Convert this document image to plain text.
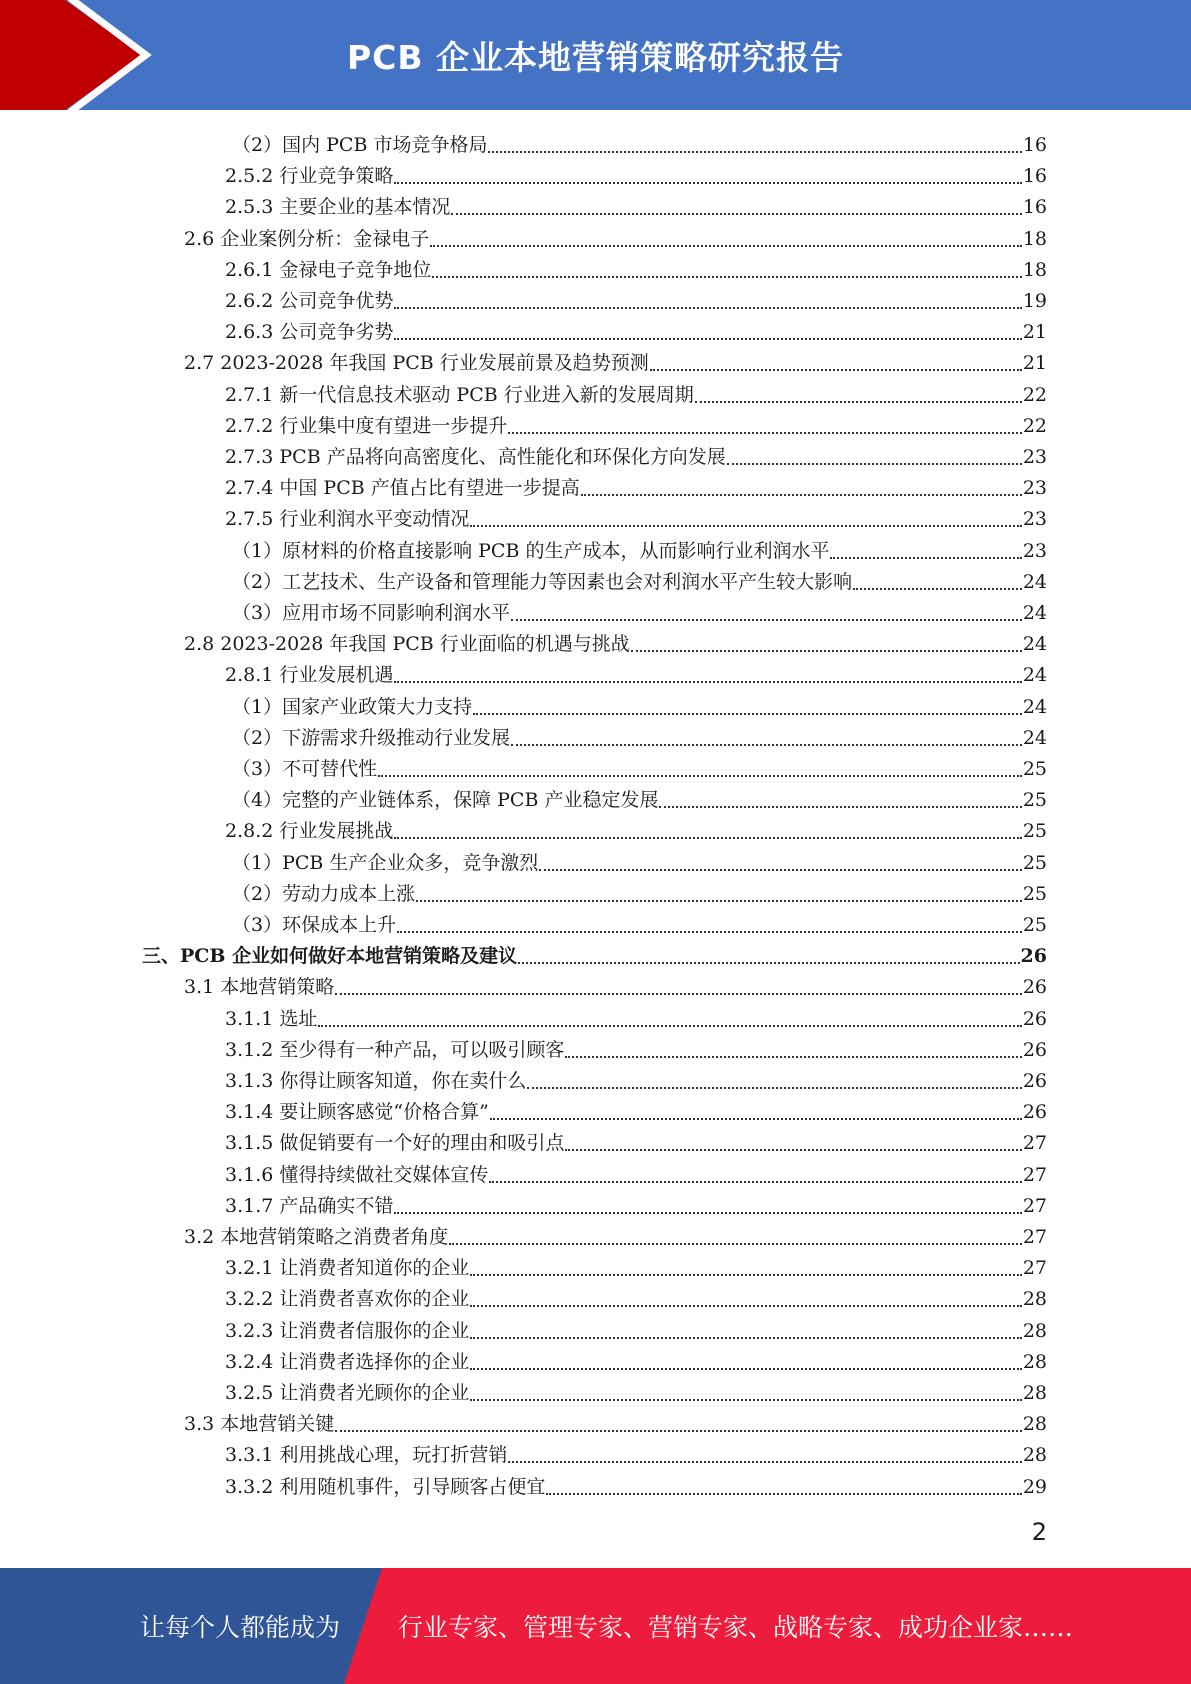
PCB 企业本地营销策略研究报告
（2）国内 PCB 市场竞争格局	16
2.5.2 行业竞争策略	16
2.5.3 主要企业的基本情况	16
2.6 企业案例分析：金禄电子	18
2.6.1 金禄电子竞争地位	18
2.6.2 公司竞争优势	19
2.6.3 公司竞争劣势	21
2.7 2023-2028 年我国 PCB 行业发展前景及趋势预测	21
2.7.1 新一代信息技术驱动 PCB 行业进入新的发展周期	22
2.7.2 行业集中度有望进一步提升	22
2.7.3 PCB 产品将向高密度化、高性能化和环保化方向发展	23
2.7.4 中国 PCB 产值占比有望进一步提高	23
2.7.5 行业利润水平变动情况	23
（1）原材料的价格直接影响 PCB 的生产成本，从而影响行业利润水平	23
（2）工艺技术、生产设备和管理能力等因素也会对利润水平产生较大影响	24
（3）应用市场不同影响利润水平	24
2.8 2023-2028 年我国 PCB 行业面临的机遇与挑战	24
2.8.1 行业发展机遇	24
（1）国家产业政策大力支持	24
（2）下游需求升级推动行业发展	24
（3）不可替代性	25
（4）完整的产业链体系，保障 PCB 产业稳定发展	25
2.8.2 行业发展挑战	25
（1）PCB 生产企业众多，竞争激烈	25
（2）劳动力成本上涨	25
（3）环保成本上升	25
三、PCB 企业如何做好本地营销策略及建议	26
3.1 本地营销策略	26
3.1.1 选址	26
3.1.2 至少得有一种产品，可以吸引顾客	26
3.1.3 你得让顾客知道，你在卖什么	26
3.1.4 要让顾客感觉“价格合算”	26
3.1.5 做促销要有一个好的理由和吸引点	27
3.1.6 懂得持续做社交媒体宣传	27
3.1.7 产品确实不错	27
3.2 本地营销策略之消费者角度	27
3.2.1 让消费者知道你的企业	27
3.2.2 让消费者喜欢你的企业	28
3.2.3 让消费者信服你的企业	28
3.2.4 让消费者选择你的企业	28
3.2.5 让消费者光顾你的企业	28
3.3 本地营销关键	28
3.3.1 利用挑战心理，玩打折营销	28
3.3.2 利用随机事件，引导顾客占便宜	29
2
让每个人都能成为 行业专家、管理专家、营销专家、战略专家、成功企业家……
